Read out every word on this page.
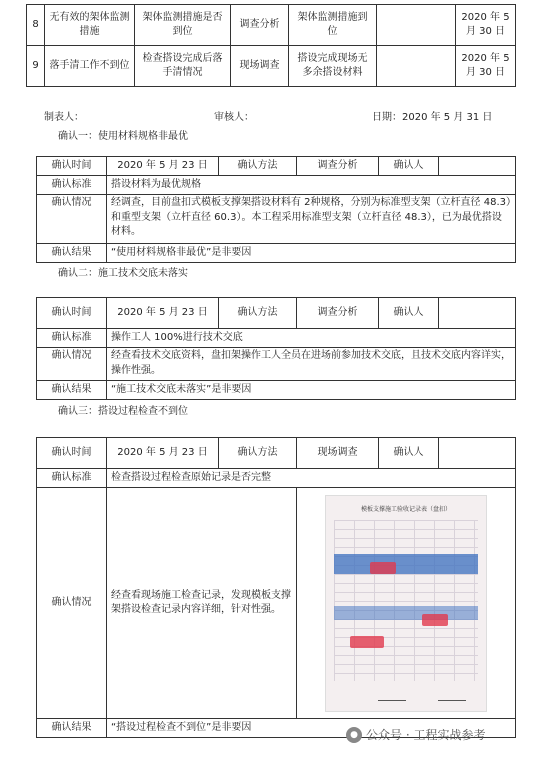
8	无有效的架体监测措施	架体监测措施是否到位	调查分析	架体监测措施到位		2020 年 5 月 30 日
9	落手清工作不到位	检查搭设完成后落手清情况	现场调查	搭设完成现场无多余搭设材料		2020 年 5 月 30 日
制表人：	审核人：	日期：2020 年 5 月 31 日
确认一：使用材料规格非最优
确认时间	2020 年 5 月 23 日	确认方法	调查分析	确认人	
确认标准	搭设材料为最优规格				
确认情况	经调查，目前盘扣式模板支撑架搭设材料有 2种规格，分别为标准型支架（立杆直径 48.3）和重型支架（立杆直径 60.3）。本工程采用标准型支架（立杆直径 48.3），已为最优搭设材料。				
确认结果	“使用材料规格非最优”是非要因				
确认二：施工技术交底未落实
确认时间	2020 年 5 月 23 日	确认方法	调查分析	确认人	
确认标准	操作工人 100%进行技术交底				
确认情况	经查看技术交底资料，盘扣架操作工人全员在进场前参加技术交底，且技术交底内容详实，操作性强。				
确认结果	“施工技术交底未落实”是非要因				
确认三：搭设过程检查不到位
确认时间	2020 年 5 月 23 日	确认方法	现场调查	确认人	
确认标准	检查搭设过程检查原始记录是否完整				
确认情况	经查看现场施工检查记录，发现模板支撑架搭设检查记录内容详细，针对性强。		模板支撑施工验收记录表（盘扣）		

确认结果	“搭设过程检查不到位”是非要因				
● 公众号 · 工程实战参考
